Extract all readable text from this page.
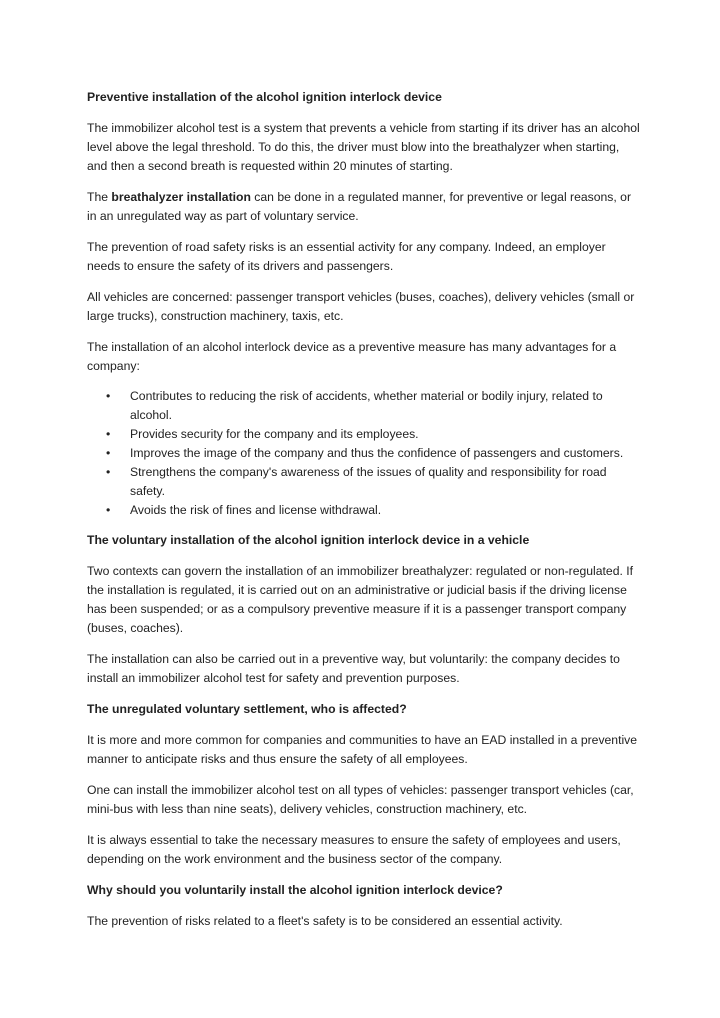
Preventive installation of the alcohol ignition interlock device

The immobilizer alcohol test is a system that prevents a vehicle from starting if its driver has an alcohol level above the legal threshold. To do this, the driver must blow into the breathalyzer when starting, and then a second breath is requested within 20 minutes of starting.

The breathalyzer installation can be done in a regulated manner, for preventive or legal reasons, or in an unregulated way as part of voluntary service.

The prevention of road safety risks is an essential activity for any company. Indeed, an employer needs to ensure the safety of its drivers and passengers.

All vehicles are concerned: passenger transport vehicles (buses, coaches), delivery vehicles (small or large trucks), construction machinery, taxis, etc.

The installation of an alcohol interlock device as a preventive measure has many advantages for a company:

• Contributes to reducing the risk of accidents, whether material or bodily injury, related to alcohol.
• Provides security for the company and its employees.
• Improves the image of the company and thus the confidence of passengers and customers.
• Strengthens the company's awareness of the issues of quality and responsibility for road safety.
• Avoids the risk of fines and license withdrawal.

The voluntary installation of the alcohol ignition interlock device in a vehicle

Two contexts can govern the installation of an immobilizer breathalyzer: regulated or non-regulated. If the installation is regulated, it is carried out on an administrative or judicial basis if the driving license has been suspended; or as a compulsory preventive measure if it is a passenger transport company (buses, coaches).

The installation can also be carried out in a preventive way, but voluntarily: the company decides to install an immobilizer alcohol test for safety and prevention purposes.

The unregulated voluntary settlement, who is affected?

It is more and more common for companies and communities to have an EAD installed in a preventive manner to anticipate risks and thus ensure the safety of all employees.

One can install the immobilizer alcohol test on all types of vehicles: passenger transport vehicles (car, mini-bus with less than nine seats), delivery vehicles, construction machinery, etc.

It is always essential to take the necessary measures to ensure the safety of employees and users, depending on the work environment and the business sector of the company.

Why should you voluntarily install the alcohol ignition interlock device?

The prevention of risks related to a fleet's safety is to be considered an essential activity.
